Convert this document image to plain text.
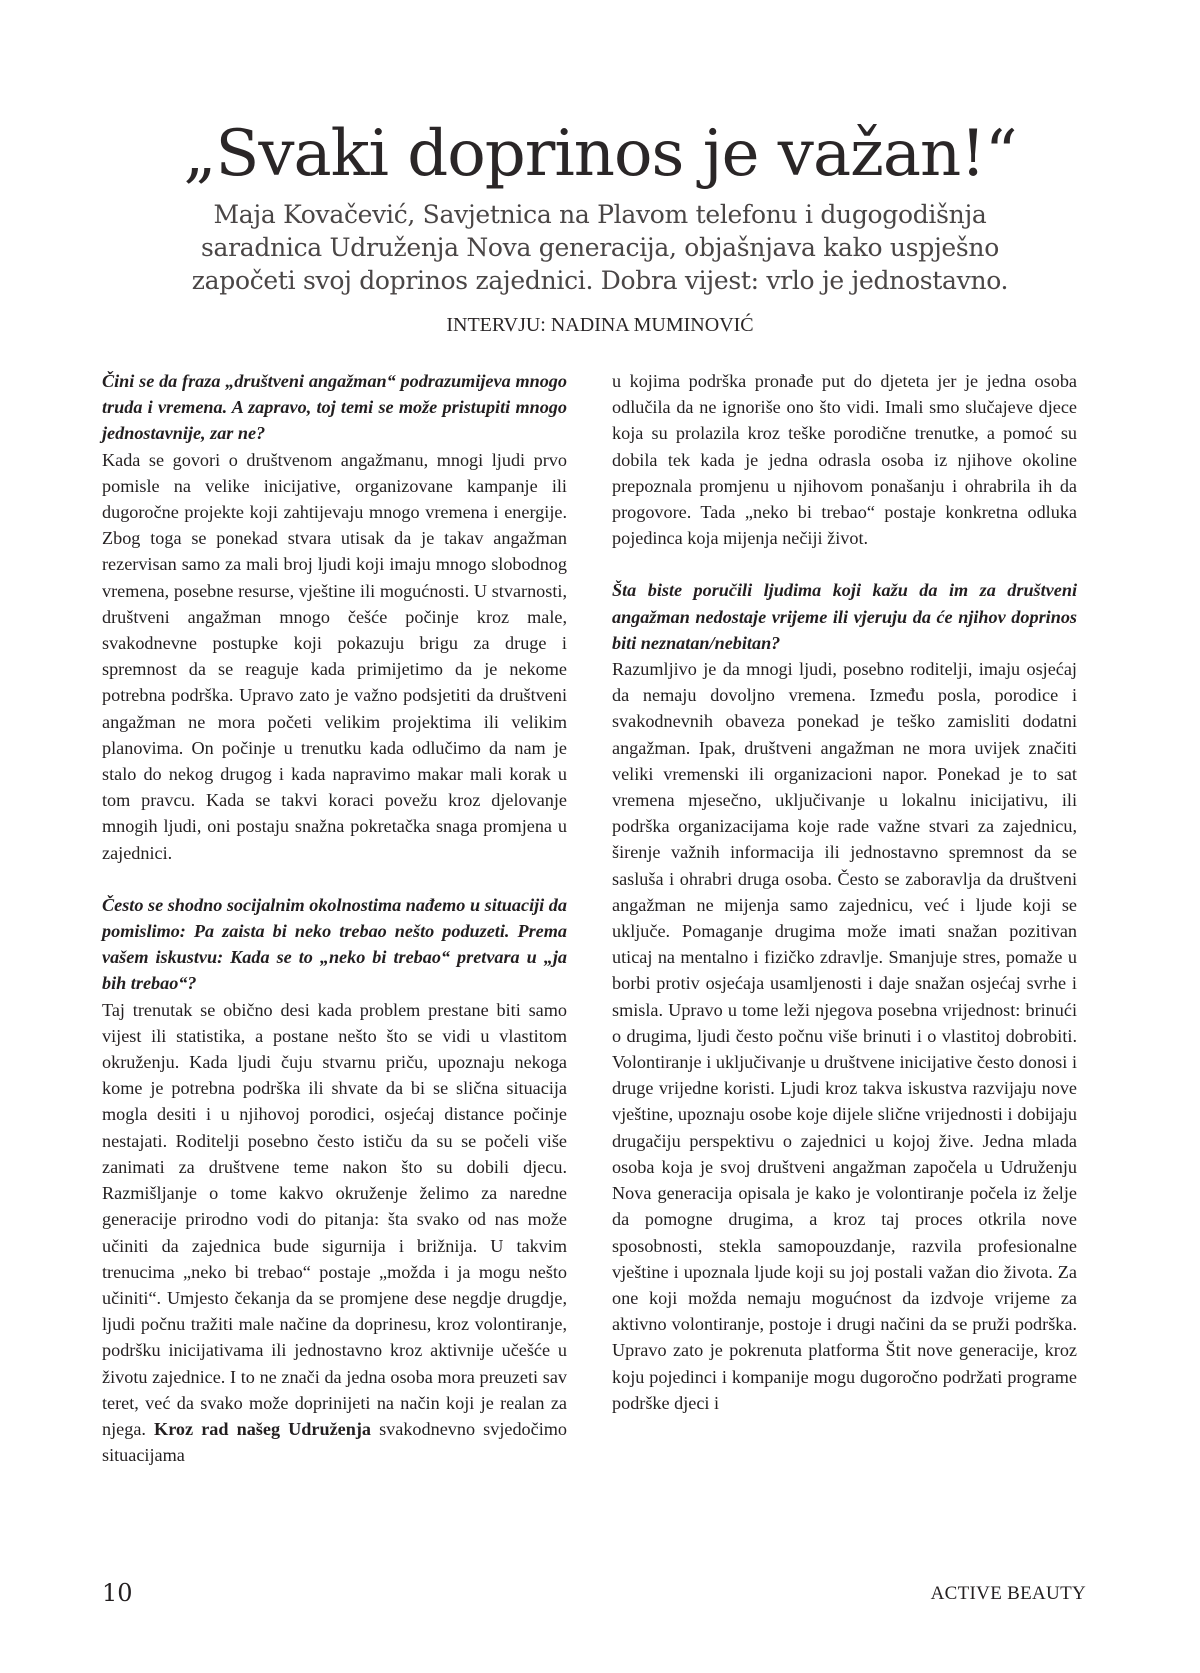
„Svaki doprinos je važan!“

Maja Kovačević, Savjetnica na Plavom telefonu i dugogodišnja saradnica Udruženja Nova generacija, objašnjava kako uspješno započeti svoj doprinos zajednici. Dobra vijest: vrlo je jednostavno.

INTERVJU: NADINA MUMINOVIĆ

Čini se da fraza „društveni angažman“ podrazumijeva mnogo truda i vremena. A zapravo, toj temi se može pristupiti mnogo jednostavnije, zar ne?

Kada se govori o društvenom angažmanu, mnogi ljudi prvo pomisle na velike inicijative, organizovane kampanje ili dugoročne projekte koji zahtijevaju mnogo vremena i energije. Zbog toga se ponekad stvara utisak da je takav angažman rezervisan samo za mali broj ljudi koji imaju mnogo slobodnog vremena, posebne resurse, vještine ili mogućnosti. U stvarnosti, društveni angažman mnogo češće počinje kroz male, svakodnevne postupke koji pokazuju brigu za druge i spremnost da se reaguje kada primijetimo da je nekome potrebna podrška. Upravo zato je važno podsjetiti da društveni angažman ne mora početi velikim projektima ili velikim planovima. On počinje u trenutku kada odlučimo da nam je stalo do nekog drugog i kada napravimo makar mali korak u tom pravcu. Kada se takvi koraci povežu kroz djelovanje mnogih ljudi, oni postaju snažna pokretačka snaga promjena u zajednici.

Često se shodno socijalnim okolnostima nađemo u situaciji da pomislimo: Pa zaista bi neko trebao nešto poduzeti. Prema vašem iskustvu: Kada se to „neko bi trebao“ pretvara u „ja bih trebao“?

Taj trenutak se obično desi kada problem prestane biti samo vijest ili statistika, a postane nešto što se vidi u vlastitom okruženju. Kada ljudi čuju stvarnu priču, upoznaju nekoga kome je potrebna podrška ili shvate da bi se slična situacija mogla desiti i u njihovoj porodici, osjećaj distance počinje nestajati. Roditelji posebno često ističu da su se počeli više zanimati za društvene teme nakon što su dobili djecu. Razmišljanje o tome kakvo okruženje želimo za naredne generacije prirodno vodi do pitanja: šta svako od nas može učiniti da zajednica bude sigurnija i brižnija. U takvim trenucima „neko bi trebao“ postaje „možda i ja mogu nešto učiniti“. Umjesto čekanja da se promjene dese negdje drugdje, ljudi počnu tražiti male načine da doprinesu, kroz volontiranje, podršku inicijativama ili jednostavno kroz aktivnije učešće u životu zajednice. I to ne znači da jedna osoba mora preuzeti sav teret, već da svako može doprinijeti na način koji je realan za njega. Kroz rad našeg Udruženja svakodnevno svjedočimo situacijama

u kojima podrška pronađe put do djeteta jer je jedna osoba odlučila da ne ignoriše ono što vidi. Imali smo slučajeve djece koja su prolazila kroz teške porodične trenutke, a pomoć su dobila tek kada je jedna odrasla osoba iz njihove okoline prepoznala promjenu u njihovom ponašanju i ohrabrila ih da progovore. Tada „neko bi trebao“ postaje konkretna odluka pojedinca koja mijenja nečiji život.

Šta biste poručili ljudima koji kažu da im za društveni angažman nedostaje vrijeme ili vjeruju da će njihov doprinos biti neznatan/nebitan?

Razumljivo je da mnogi ljudi, posebno roditelji, imaju osjećaj da nemaju dovoljno vremena. Između posla, porodice i svakodnevnih obaveza ponekad je teško zamisliti dodatni angažman. Ipak, društveni angažman ne mora uvijek značiti veliki vremenski ili organizacioni napor. Ponekad je to sat vremena mjesečno, uključivanje u lokalnu inicijativu, ili podrška organizacijama koje rade važne stvari za zajednicu, širenje važnih informacija ili jednostavno spremnost da se sasluša i ohrabri druga osoba. Često se zaboravlja da društveni angažman ne mijenja samo zajednicu, već i ljude koji se uključe. Pomaganje drugima može imati snažan pozitivan uticaj na mentalno i fizičko zdravlje. Smanjuje stres, pomaže u borbi protiv osjećaja usamljenosti i daje snažan osjećaj svrhe i smisla. Upravo u tome leži njegova posebna vrijednost: brinući o drugima, ljudi često počnu više brinuti i o vlastitoj dobrobiti. Volontiranje i uključivanje u društvene inicijative često donosi i druge vrijedne koristi. Ljudi kroz takva iskustva razvijaju nove vještine, upoznaju osobe koje dijele slične vrijednosti i dobijaju drugačiju perspektivu o zajednici u kojoj žive. Jedna mlada osoba koja je svoj društveni angažman započela u Udruženju Nova generacija opisala je kako je volontiranje počela iz želje da pomogne drugima, a kroz taj proces otkrila nove sposobnosti, stekla samopouzdanje, razvila profesionalne vještine i upoznala ljude koji su joj postali važan dio života. Za one koji možda nemaju mogućnost da izdvoje vrijeme za aktivno volontiranje, postoje i drugi načini da se pruži podrška. Upravo zato je pokrenuta platforma Štit nove generacije, kroz koju pojedinci i kompanije mogu dugoročno podržati programe podrške djeci i

10	ACTIVE BEAUTY
